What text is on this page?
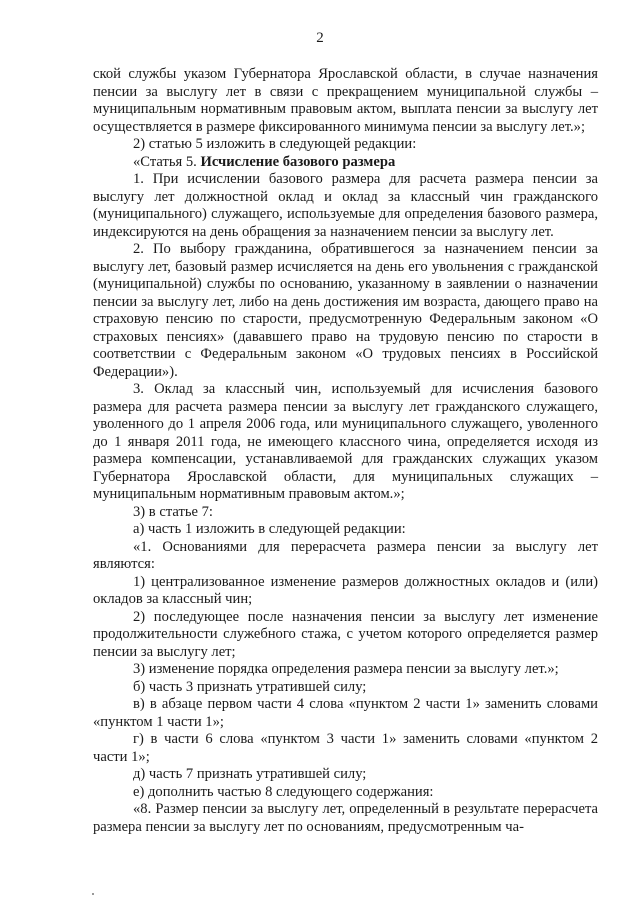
2

ской службы указом Губернатора Ярославской области, в случае назначения пенсии за выслугу лет в связи с прекращением муниципальной службы – муниципальным нормативным правовым актом, выплата пенсии за выслугу лет осуществляется в размере фиксированного минимума пенсии за выслугу лет.»;

2) статью 5 изложить в следующей редакции:

«Статья 5. Исчисление базового размера

1. При исчислении базового размера для расчета размера пенсии за выслугу лет должностной оклад и оклад за классный чин гражданского (муниципального) служащего, используемые для определения базового размера, индексируются на день обращения за назначением пенсии за выслугу лет.

2. По выбору гражданина, обратившегося за назначением пенсии за выслугу лет, базовый размер исчисляется на день его увольнения с гражданской (муниципальной) службы по основанию, указанному в заявлении о назначении пенсии за выслугу лет, либо на день достижения им возраста, дающего право на страховую пенсию по старости, предусмотренную Федеральным законом «О страховых пенсиях» (дававшего право на трудовую пенсию по старости в соответствии с Федеральным законом «О трудовых пенсиях в Российской Федерации»).

3. Оклад за классный чин, используемый для исчисления базового размера для расчета размера пенсии за выслугу лет гражданского служащего, уволенного до 1 апреля 2006 года, или муниципального служащего, уволенного до 1 января 2011 года, не имеющего классного чина, определяется исходя из размера компенсации, устанавливаемой для гражданских служащих указом Губернатора Ярославской области, для муниципальных служащих – муниципальным нормативным правовым актом.»;

3) в статье 7:

а) часть 1 изложить в следующей редакции:

«1. Основаниями для перерасчета размера пенсии за выслугу лет являются:

1) централизованное изменение размеров должностных окладов и (или) окладов за классный чин;

2) последующее после назначения пенсии за выслугу лет изменение продолжительности служебного стажа, с учетом которого определяется размер пенсии за выслугу лет;

3) изменение порядка определения размера пенсии за выслугу лет.»;

б) часть 3 признать утратившей силу;

в) в абзаце первом части 4 слова «пунктом 2 части 1» заменить словами «пунктом 1 части 1»;

г) в части 6 слова «пунктом 3 части 1» заменить словами «пунктом 2 части 1»;

д) часть 7 признать утратившей силу;

е) дополнить частью 8 следующего содержания:

«8. Размер пенсии за выслугу лет, определенный в результате перерасчета размера пенсии за выслугу лет по основаниям, предусмотренным ча-
